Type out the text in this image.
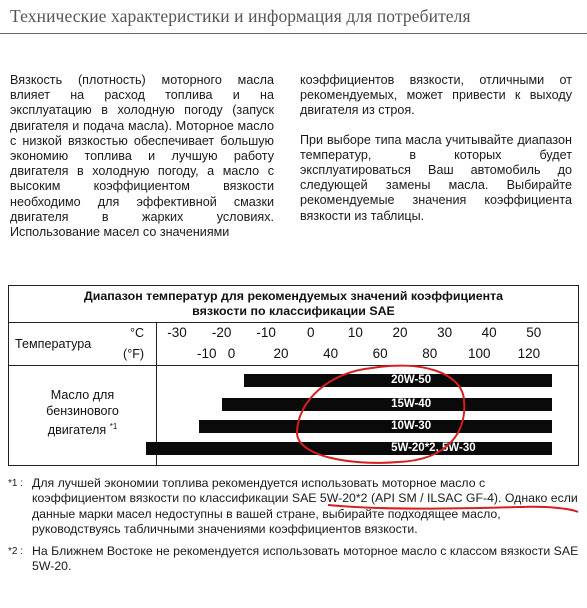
Технические характеристики и информация для потребителя

Вязкость (плотность) моторного масла влияет на расход топлива и на эксплуатацию в холодную погоду (запуск двигателя и подача масла). Моторное масло с низкой вязкостью обеспечивает большую экономию топлива и лучшую работу двигателя в холодную погоду, а масло с высоким коэффициентом вязкости необходимо для эффективной смазки двигателя в жарких условиях. Использование масел со значениями

коэффициентов вязкости, отличными от рекомендуемых, может привести к выходу двигателя из строя.

При выборе типа масла учитывайте диапазон температур, в которых будет эксплуатироваться Ваш автомобиль до следующей замены масла. Выбирайте рекомендуемые значения коэффициента вязкости из таблицы.

Диапазон температур для рекомендуемых значений коэффициента
вязкости по классификации SAE
Температура
°C
(°F)
-30 -20 -10 0 10 20 30 40 50
-10 0	20	40	60	80 100 120
Масло для
бензинового
двигателя $^{*1}$
20W-50
15W-40
10W-30
5W-20*2, 5W-30
*1 : Для лучшей экономии топлива рекомендуется использовать моторное масло с коэффициентом вязкости по классификации SAE 5W-20*2 (API SM / ILSAC GF-4). Однако если данные марки масел недоступны в вашей стране, выбирайте подходящее масло, руководствуясь табличными значениями коэффициентов вязкости.
*2 : На Ближнем Востоке не рекомендуется использовать моторное масло с классом вязкости SAE 5W-20.
